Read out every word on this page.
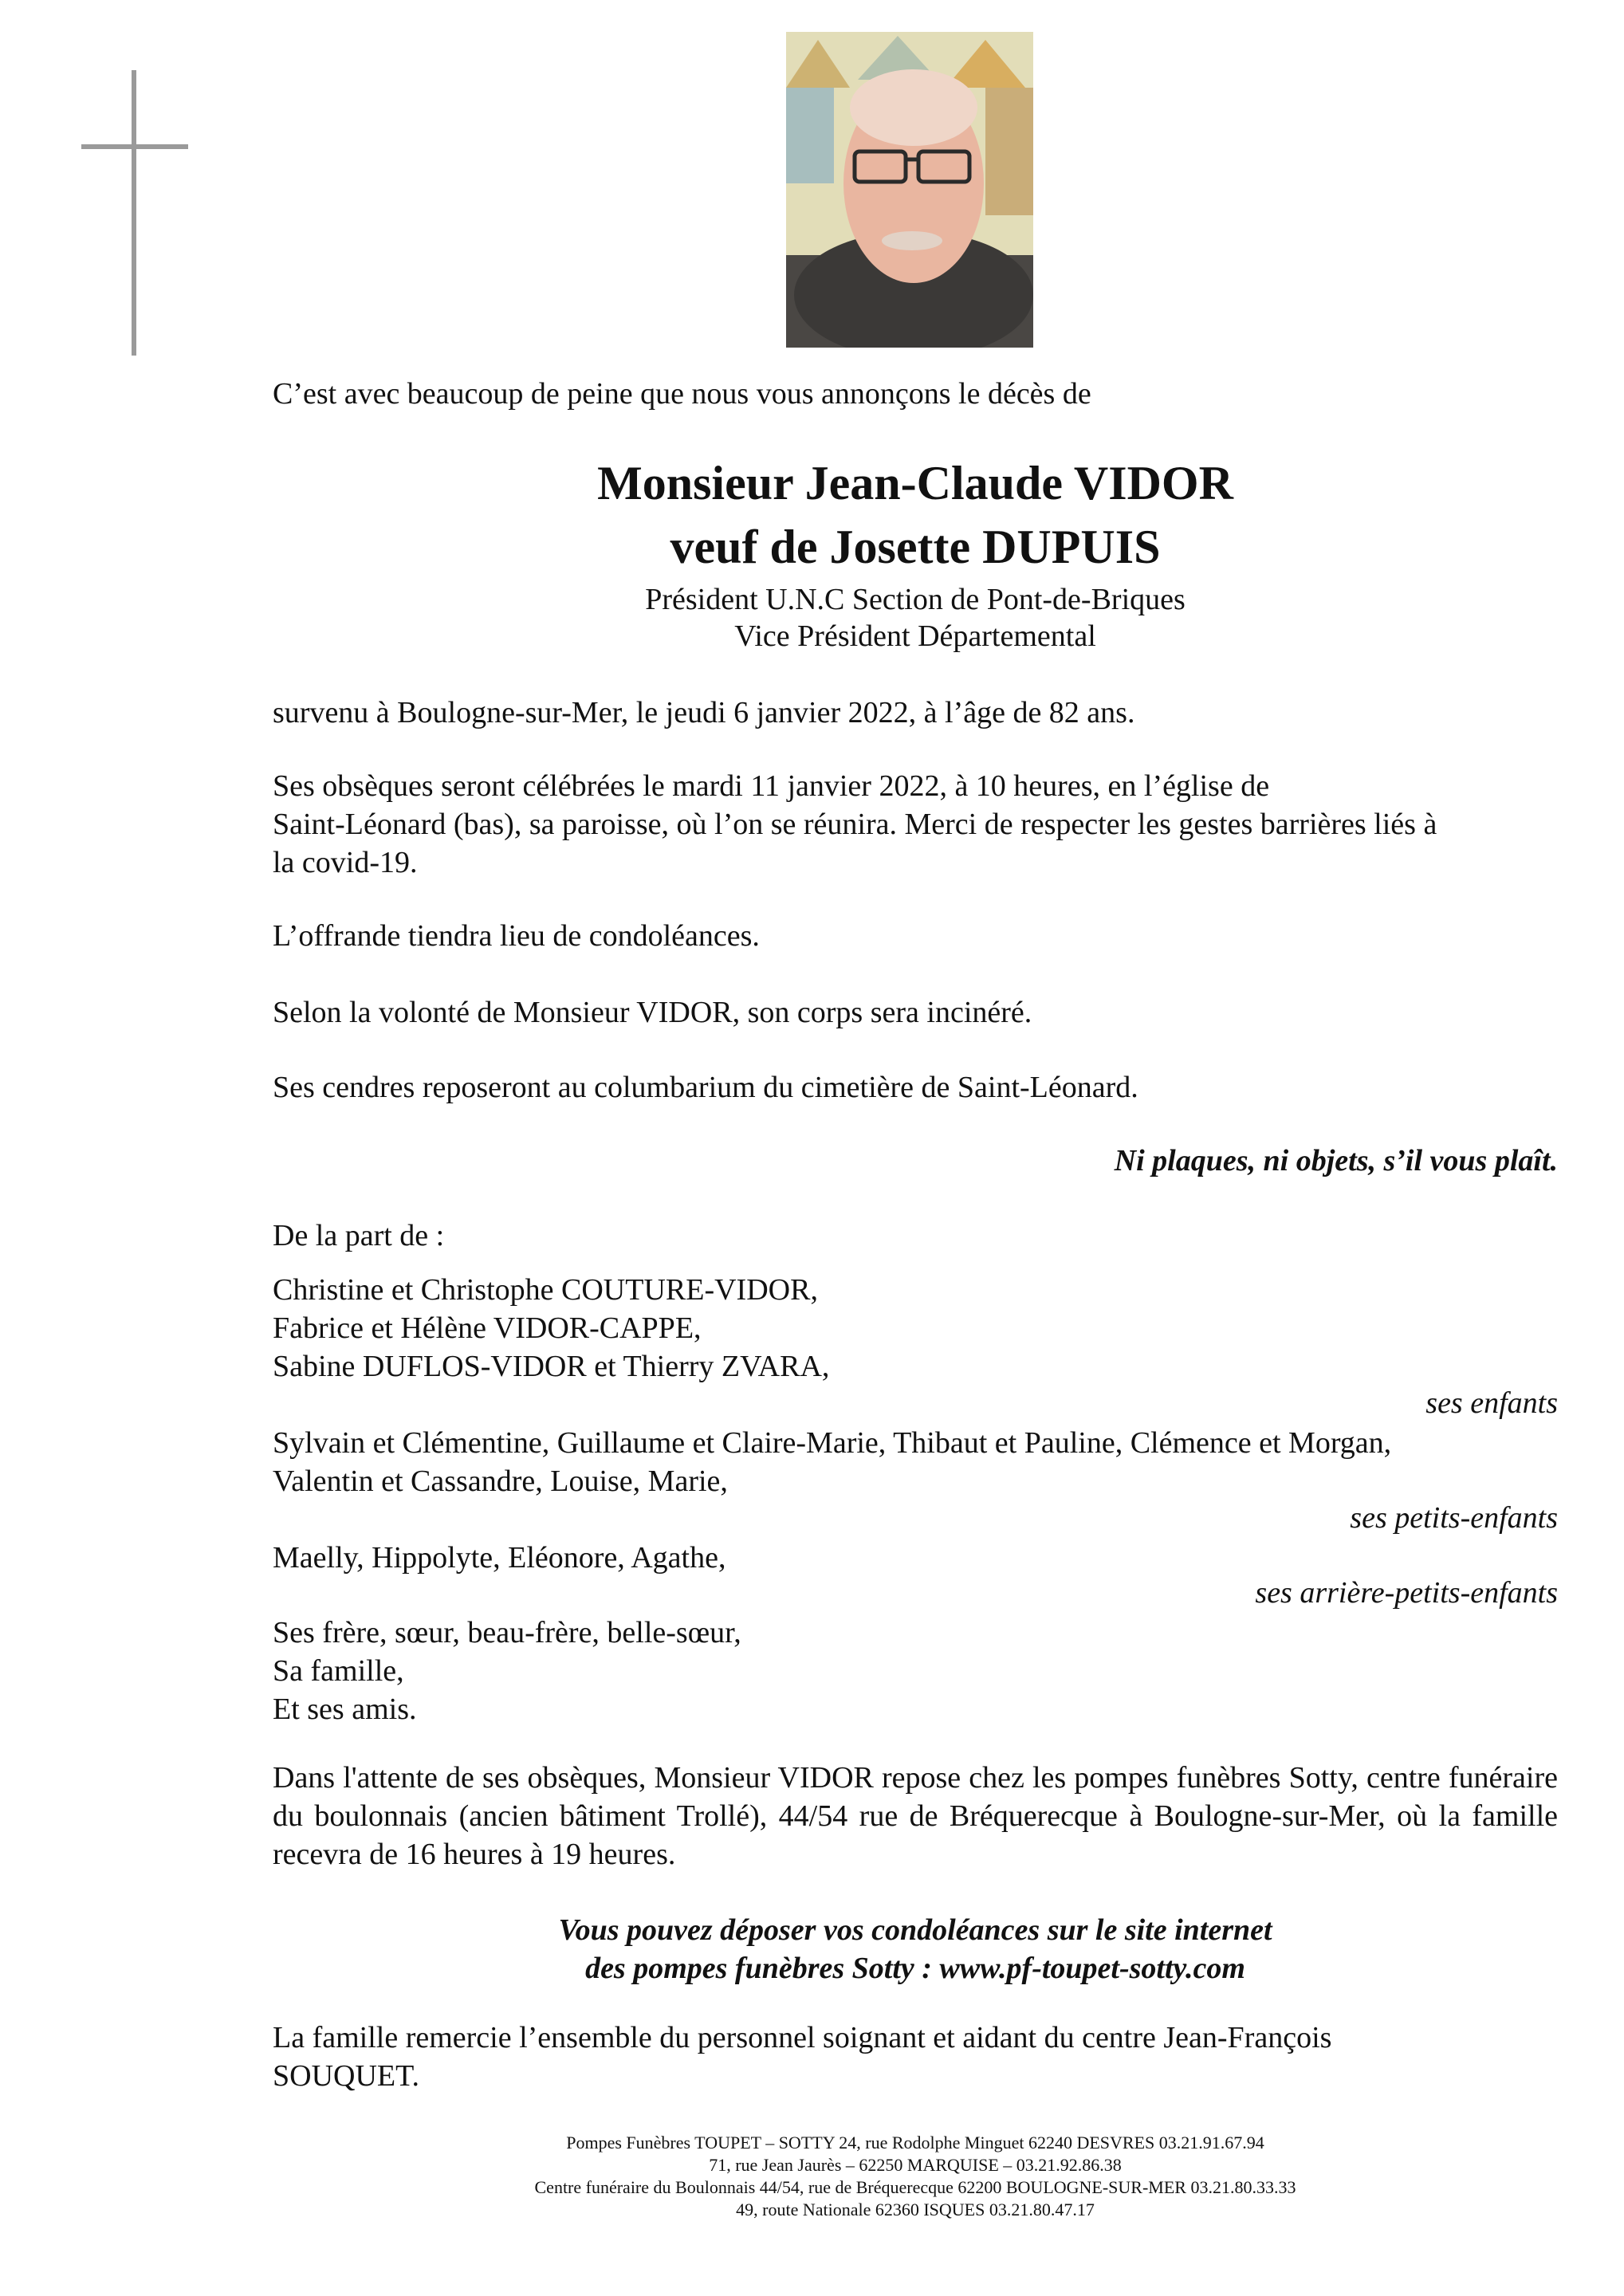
C’est avec beaucoup de peine que nous vous annonçons le décès de
Monsieur Jean-Claude VIDOR
veuf de Josette DUPUIS
Président U.N.C Section de Pont-de-Briques
Vice Président Départemental
survenu à Boulogne-sur-Mer, le jeudi 6 janvier 2022, à l’âge de 82 ans.
Ses obsèques seront célébrées le mardi 11 janvier 2022, à 10 heures, en l’église de
Saint-Léonard (bas), sa paroisse, où l’on se réunira. Merci de respecter les gestes barrières liés à
la covid-19.
L’offrande tiendra lieu de condoléances.
Selon la volonté de Monsieur VIDOR, son corps sera incinéré.
Ses cendres reposeront au columbarium du cimetière de Saint-Léonard.
Ni plaques, ni objets, s’il vous plaît.
De la part de :
Christine et Christophe COUTURE-VIDOR,
Fabrice et Hélène VIDOR-CAPPE,
Sabine DUFLOS-VIDOR et Thierry ZVARA,
ses enfants
Sylvain et Clémentine, Guillaume et Claire-Marie, Thibaut et Pauline, Clémence et Morgan,
Valentin et Cassandre, Louise, Marie,
ses petits-enfants
Maelly, Hippolyte, Eléonore, Agathe,
ses arrière-petits-enfants
Ses frère, sœur, beau-frère, belle-sœur,
Sa famille,
Et ses amis.

Dans l'attente de ses obsèques, Monsieur VIDOR repose chez les pompes funèbres Sotty, centre funéraire du boulonnais (ancien bâtiment Trollé), 44/54 rue de Bréquerecque à Boulogne-sur-Mer, où la famille recevra de 16 heures à 19 heures.

Vous pouvez déposer vos condoléances sur le site internet
des pompes funèbres Sotty : www.pf-toupet-sotty.com
La famille remercie l’ensemble du personnel soignant et aidant du centre Jean-François
SOUQUET.
Pompes Funèbres TOUPET – SOTTY 24, rue Rodolphe Minguet 62240 DESVRES 03.21.91.67.94
71, rue Jean Jaurès – 62250 MARQUISE – 03.21.92.86.38
Centre funéraire du Boulonnais 44/54, rue de Bréquerecque 62200 BOULOGNE-SUR-MER 03.21.80.33.33
49, route Nationale 62360 ISQUES 03.21.80.47.17
